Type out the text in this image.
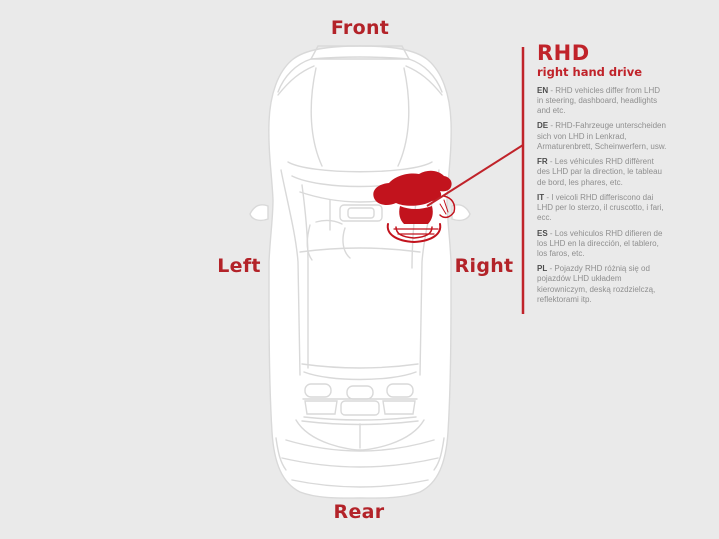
Front
Left	Right
Rear
RHD

right hand drive

EN - RHD vehicles differ from LHD in steering, dashboard, headlights and etc.

DE - RHD-Fahrzeuge unterscheiden sich von LHD in Lenkrad, Armaturenbrett, Scheinwerfern, usw.

FR - Les véhicules RHD diffèrent des LHD par la direction, le tableau de bord, les phares, etc.

IT - I veicoli RHD differiscono dai LHD per lo sterzo, il cruscotto, i fari, ecc.

ES - Los vehiculos RHD difieren de los LHD en la dirección, el tablero, los faros, etc.

PL - Pojazdy RHD różnią się od pojazdów LHD układem kierowniczym, deską rozdzielczą, reflektorami itp.
